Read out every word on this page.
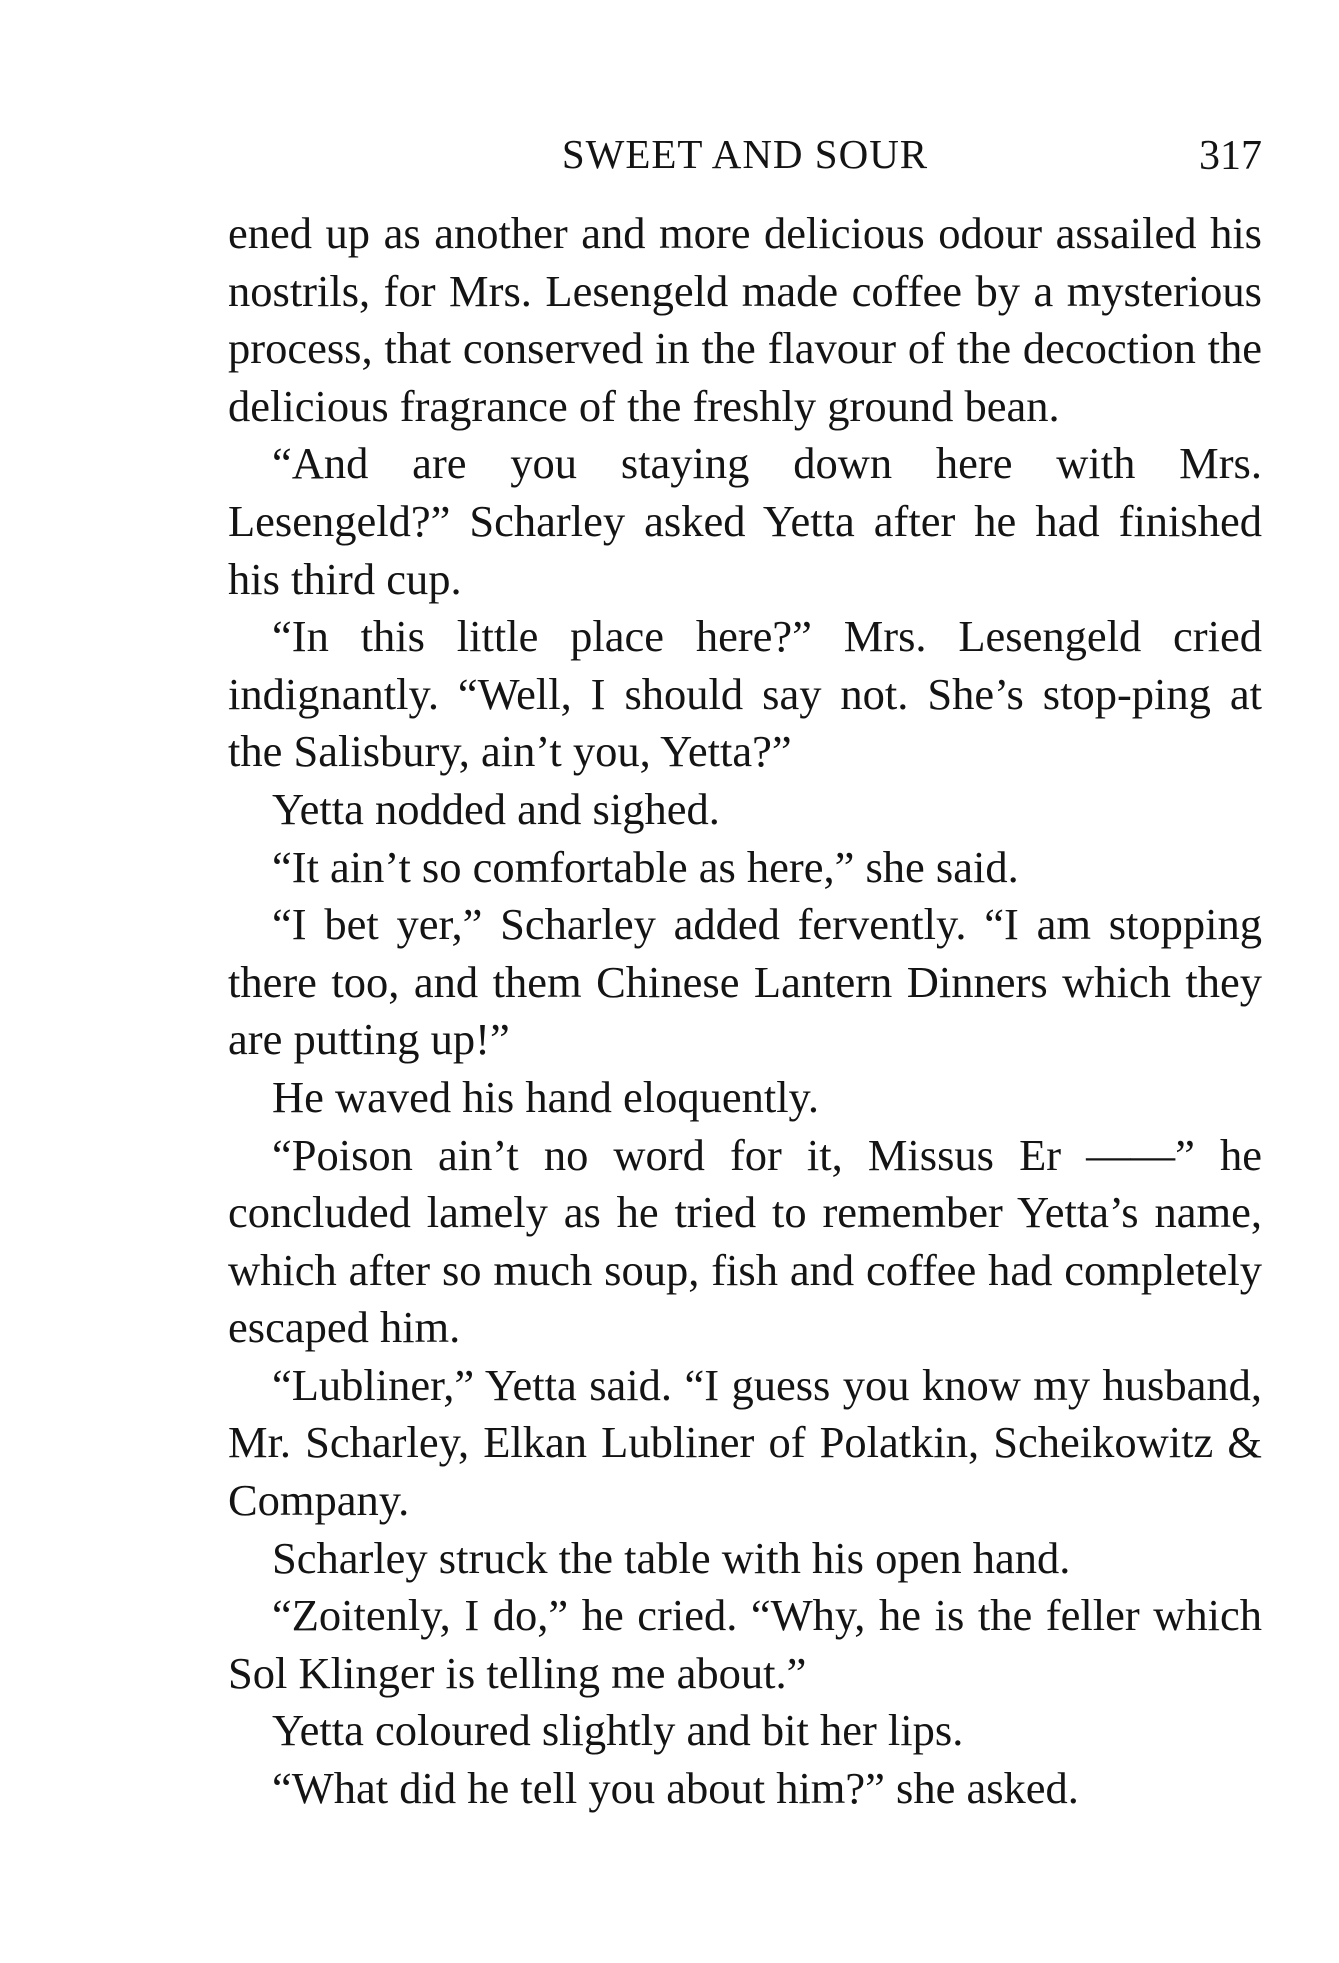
SWEET AND SOUR	317

ened up as another and more delicious odour assailed his nostrils, for Mrs. Lesengeld made coffee by a mysterious process, that conserved in the flavour of the decoction the delicious fragrance of the freshly ground bean.

“And are you staying down here with Mrs. Lesengeld?” Scharley asked Yetta after he had finished his third cup.

“In this little place here?” Mrs. Lesengeld cried indignantly. “Well, I should say not. She’s stop-ping at the Salisbury, ain’t you, Yetta?”

Yetta nodded and sighed.

“It ain’t so comfortable as here,” she said.

“I bet yer,” Scharley added fervently. “I am stopping there too, and them Chinese Lantern Dinners which they are putting up!”

He waved his hand eloquently.

“Poison ain’t no word for it, Missus Er ——” he concluded lamely as he tried to remember Yetta’s name, which after so much soup, fish and coffee had completely escaped him.

“Lubliner,” Yetta said. “I guess you know my husband, Mr. Scharley, Elkan Lubliner of Polatkin, Scheikowitz & Company.

Scharley struck the table with his open hand.

“Zoitenly, I do,” he cried. “Why, he is the feller which Sol Klinger is telling me about.”

Yetta coloured slightly and bit her lips.

“What did he tell you about him?” she asked.
